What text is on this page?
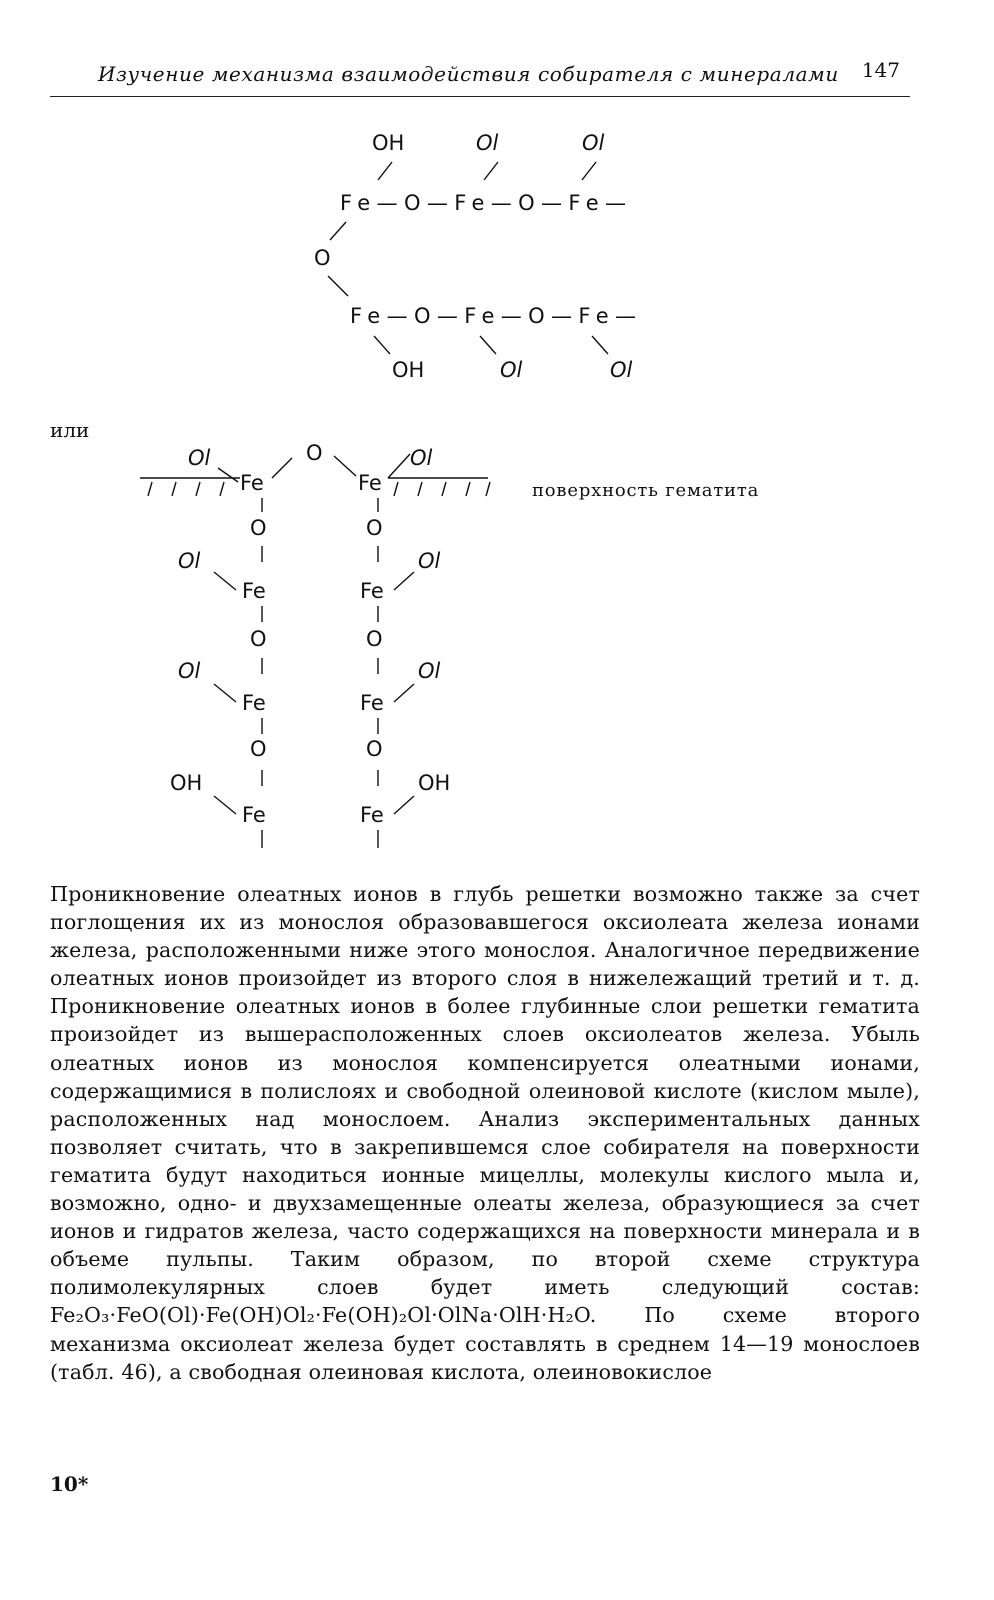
Изучение механизма взаимодействия собирателя с минералами 147
OH	Ol	Ol
Fe—O—Fe—O—Fe—
O
Fe—O—Fe—O—Fe—
OH	Ol	Ol
Ol
Fe
O
Fe
Ol
O
Ol
Fe
O
Ol
Fe
O
OH
Fe
O
Fe
Ol
O
Fe
Ol
O
Fe
OH
или
поверхность гематита

Проникновение олеатных ионов в глубь решетки возможно также за счет поглощения их из монослоя образовавшегося оксиолеата железа ионами железа, расположенными ниже этого монослоя. Аналогичное передвижение олеатных ионов произойдет из второго слоя в нижележащий третий и т. д. Проникновение олеатных ионов в более глубинные слои решетки гематита произойдет из вышерасположенных слоев оксиолеатов железа. Убыль олеатных ионов из монослоя компенсируется олеатными ионами, содержащимися в полислоях и свободной олеиновой кислоте (кислом мыле), расположенных над монослоем. Анализ экспериментальных данных позволяет считать, что в закрепившемся слое собирателя на поверхности гематита будут находиться ионные мицеллы, молекулы кислого мыла и, возможно, одно- и двухзамещенные олеаты железа, образующиеся за счет ионов и гидратов железа, часто содержащихся на поверхности минерала и в объеме пульпы. Таким образом, по второй схеме структура полимолекулярных слоев будет иметь следующий состав: Fe₂O₃·FeO(Ol)·Fe(OH)Ol₂·Fe(OH)₂Ol·OlNa·OlH·H₂O. По схеме второго механизма оксиолеат железа будет составлять в среднем 14—19 монослоев (табл. 46), а свободная олеиновая кислота, олеиновокислое

10*
